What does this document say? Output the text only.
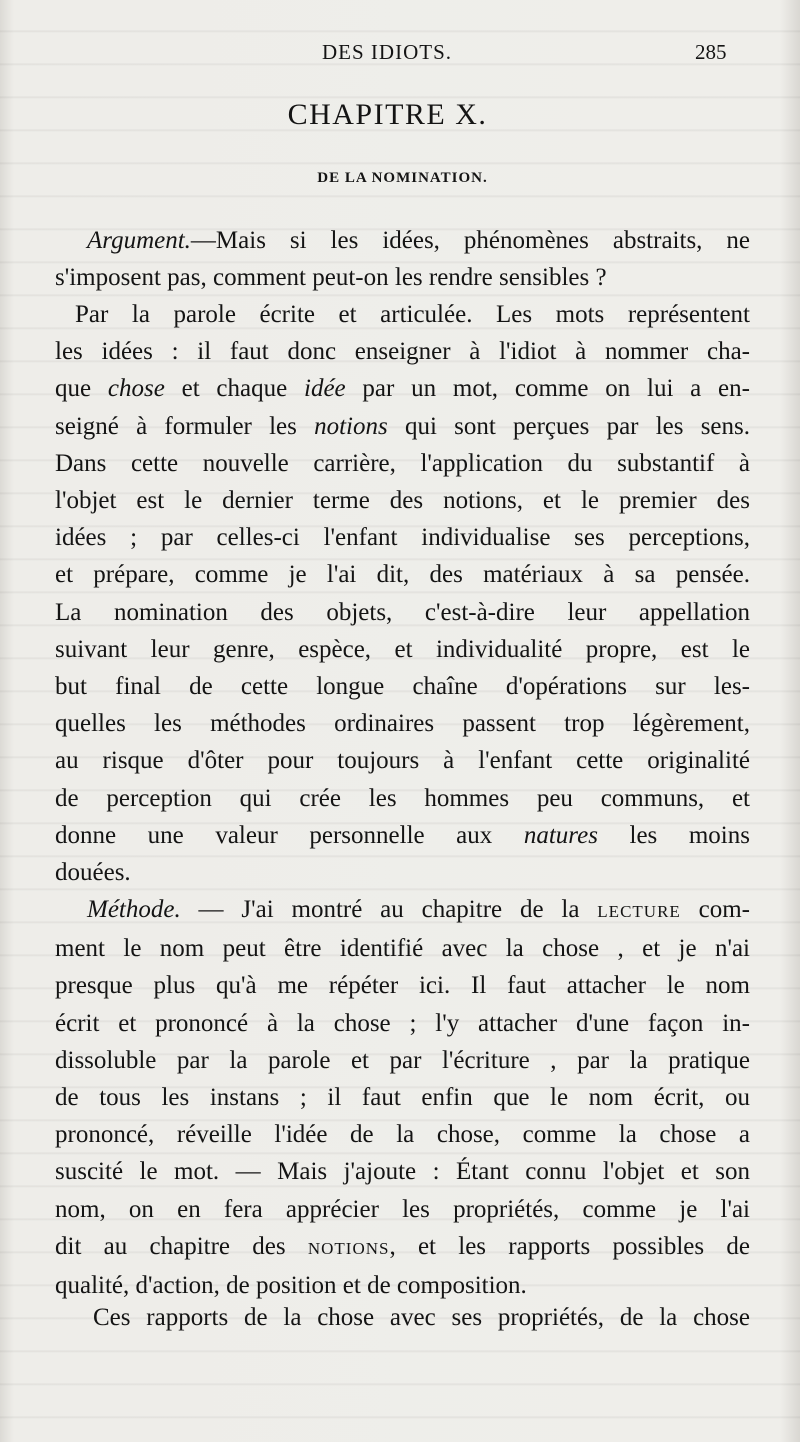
DES IDIOTS.	285
CHAPITRE X.
DE LA NOMINATION.
Argument.—Mais si les idées, phénomènes abstraits, ne
s'imposent pas, comment peut-on les rendre sensibles ?
Par la parole écrite et articulée. Les mots représentent
les idées : il faut donc enseigner à l'idiot à nommer cha-
que chose et chaque idée par un mot, comme on lui a en-
seigné à formuler les notions qui sont perçues par les sens.
Dans cette nouvelle carrière, l'application du substantif à
l'objet est le dernier terme des notions, et le premier des
idées ; par celles-ci l'enfant individualise ses perceptions,
et prépare, comme je l'ai dit, des matériaux à sa pensée.
La nomination des objets, c'est-à-dire leur appellation
suivant leur genre, espèce, et individualité propre, est le
but final de cette longue chaîne d'opérations sur les-
quelles les méthodes ordinaires passent trop légèrement,
au risque d'ôter pour toujours à l'enfant cette originalité
de perception qui crée les hommes peu communs, et
donne une valeur personnelle aux natures les moins
douées.
Méthode. — J'ai montré au chapitre de la LECTURE com-
ment le nom peut être identifié avec la chose , et je n'ai
presque plus qu'à me répéter ici. Il faut attacher le nom
écrit et prononcé à la chose ; l'y attacher d'une façon in-
dissoluble par la parole et par l'écriture , par la pratique
de tous les instans ; il faut enfin que le nom écrit, ou
prononcé, réveille l'idée de la chose, comme la chose a
suscité le mot. — Mais j'ajoute : Étant connu l'objet et son
nom, on en fera apprécier les propriétés, comme je l'ai
dit au chapitre des NOTIONS, et les rapports possibles de
qualité, d'action, de position et de composition.
Ces rapports de la chose avec ses propriétés, de la chose
